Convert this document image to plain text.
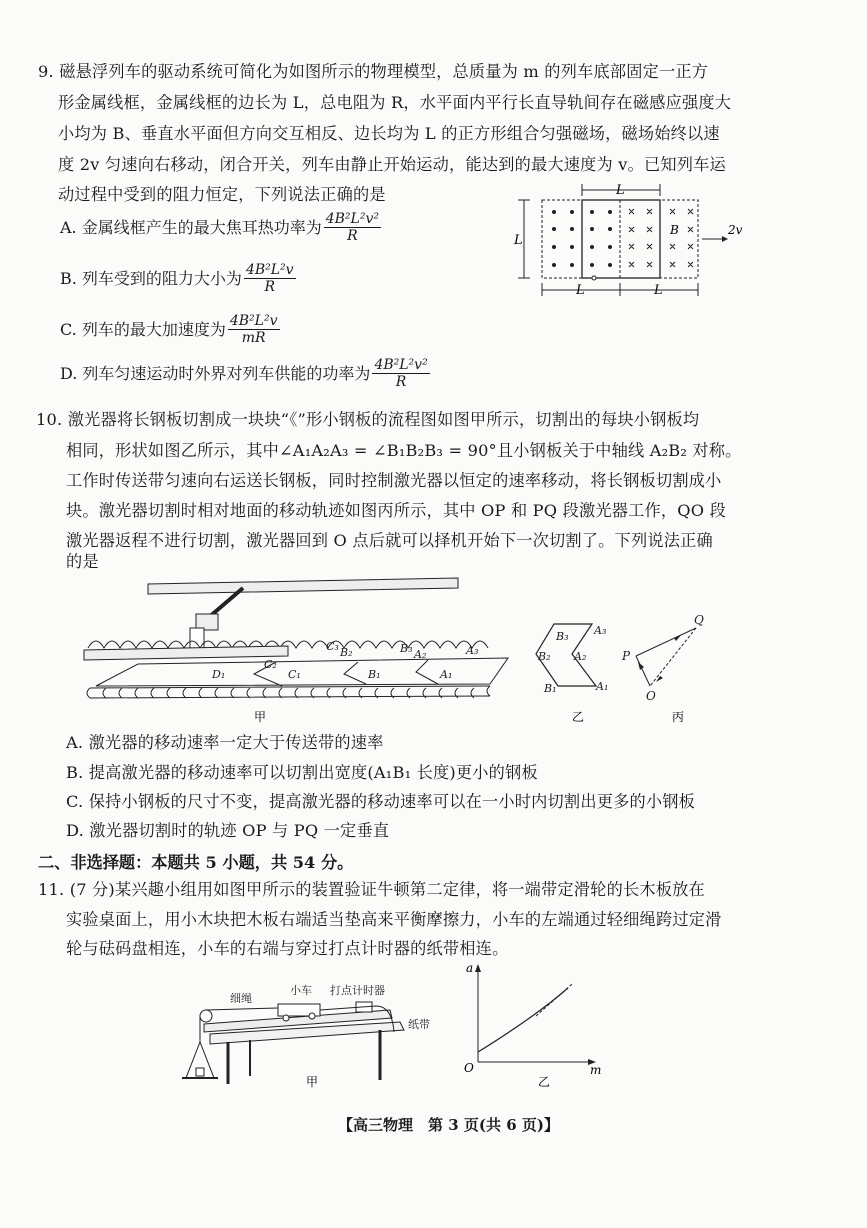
9. 磁悬浮列车的驱动系统可简化为如图所示的物理模型，总质量为 m 的列车底部固定一正方
形金属线框，金属线框的边长为 L，总电阻为 R，水平面内平行长直导轨间存在磁感应强度大
小均为 B、垂直水平面但方向交互相反、边长均为 L 的正方形组合匀强磁场，磁场始终以速
度 2v 匀速向右移动，闭合开关，列车由静止开始运动，能达到的最大速度为 v。已知列车运
动过程中受到的阻力恒定，下列说法正确的是
A. 金属线框产生的最大焦耳热功率为 $\frac{\text{4B²L²v²}}{R}$
B. 列车受到的阻力大小为 $\frac{\text{4B²L²v}}{R}$
C. 列车的最大加速度为 $\frac{\text{4B²L²v}}{mR}$
D. 列车匀速运动时外界对列车供能的功率为 $\frac{\text{4B²L²v²}}{R}$
L
L
B	2v
L	L
10. 激光器将长钢板切割成一块块“《”形小钢板的流程图如图甲所示，切割出的每块小钢板均
相同，形状如图乙所示，其中∠A₁A₂A₃ = ∠B₁B₂B₃ = 90°且小钢板关于中轴线 A₂B₂ 对称。
工作时传送带匀速向右运送长钢板，同时控制激光器以恒定的速率移动，将长钢板切割成小
块。激光器切割时相对地面的移动轨迹如图丙所示，其中 OP 和 PQ 段激光器工作，QO 段
激光器返程不进行切割，激光器回到 O 点后就可以择机开始下一次切割了。下列说法正确
的是
D₁	C₁
C₂
C₃ B₂
B₁
B₃ A₂	A₃
A₁
甲
B₃ A₃
B₂ A₂
B₁	A₁
乙
Q
P
O
丙
A. 激光器的移动速率一定大于传送带的速率
B. 提高激光器的移动速率可以切割出宽度(A₁B₁ 长度)更小的钢板
C. 保持小钢板的尺寸不变，提高激光器的移动速率可以在一小时内切割出更多的小钢板
D. 激光器切割时的轨迹 OP 与 PQ 一定垂直
二、非选择题：本题共 5 小题，共 54 分。
11. (7 分)某兴趣小组用如图甲所示的装置验证牛顿第二定律，将一端带定滑轮的长木板放在
实验桌面上，用小木块把木板右端适当垫高来平衡摩擦力，小车的左端通过轻细绳跨过定滑
轮与砝码盘相连，小车的右端与穿过打点计时器的纸带相连。
细绳
小车 打点计时器
纸带
甲
a
m
O
乙
【高三物理　第 3 页(共 6 页)】
